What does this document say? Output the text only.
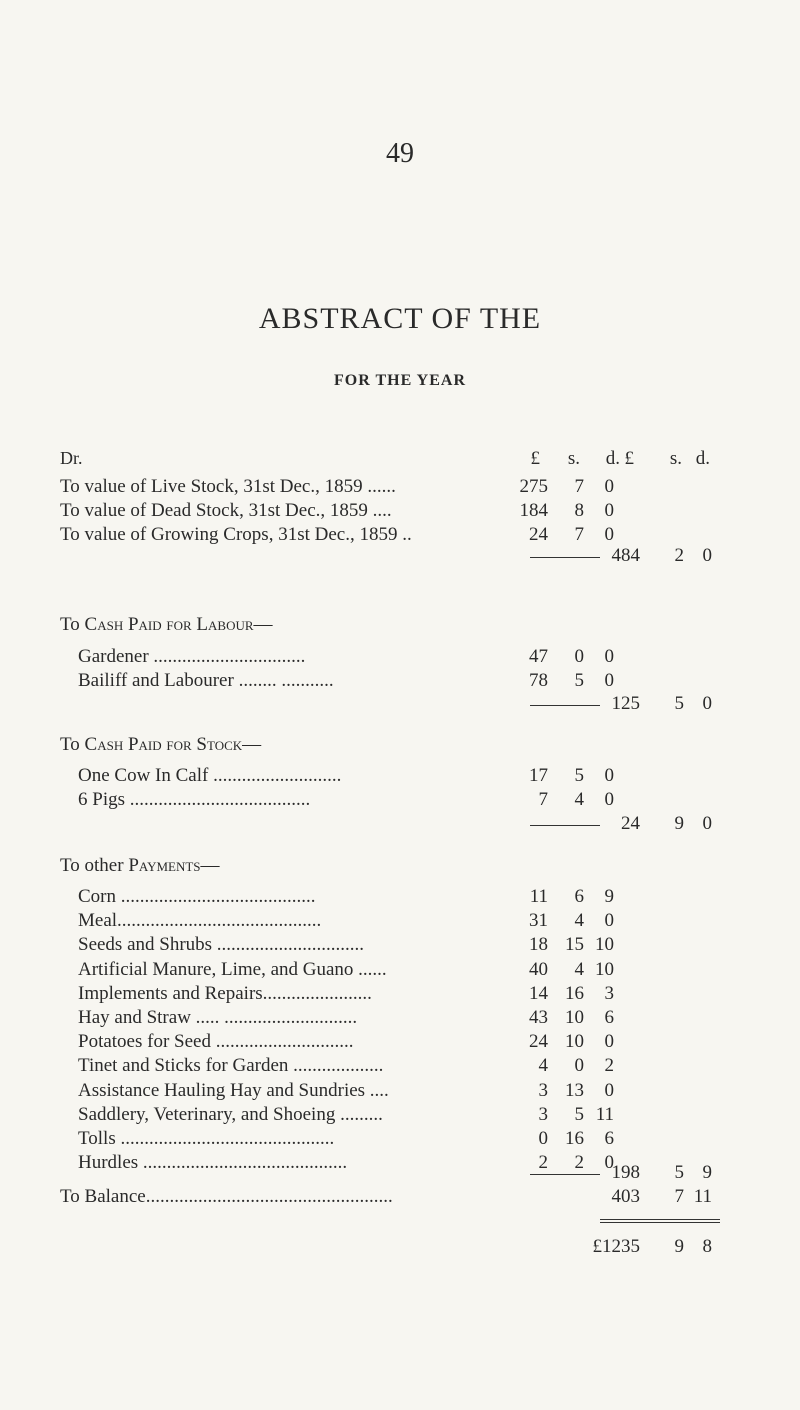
49
ABSTRACT OF THE
FOR THE YEAR
Dr.	£	s.	d. £	s. d.
To value of Live Stock, 31st Dec., 1859 ......	275	7	0
To value of Dead Stock, 31st Dec., 1859 ....	184	8	0
To value of Growing Crops, 31st Dec., 1859 ..	24	7	0
484	2 0
Gardener ................................	47	0	0
Bailiff and Labourer ........ ...........	78	5	0
125	5 0
One Cow In Calf ...........................	17	5	0
6 Pigs ......................................	7	4	0
24	9 0
Corn .........................................	11	6	9
Meal...........................................	31	4	0
Seeds and Shrubs ...............................	18 15 10
Artificial Manure, Lime, and Guano ......	40	4 10
Implements and Repairs.......................	14 16	3
Hay and Straw ..... ............................	43 10	6
Potatoes for Seed .............................	24 10	0
Tinet and Sticks for Garden ...................	4	0	2
Assistance Hauling Hay and Sundries ....	3 13	0
Saddlery, Veterinary, and Shoeing .........	3	5 11
Tolls .............................................	0 16	6
Hurdles ...........................................	2	2	0
198	5 9
To Balance....................................................	403	7 11
£1235	9 8
To Cash Paid for Labour—
To Cash Paid for Stock—
To other Payments—
